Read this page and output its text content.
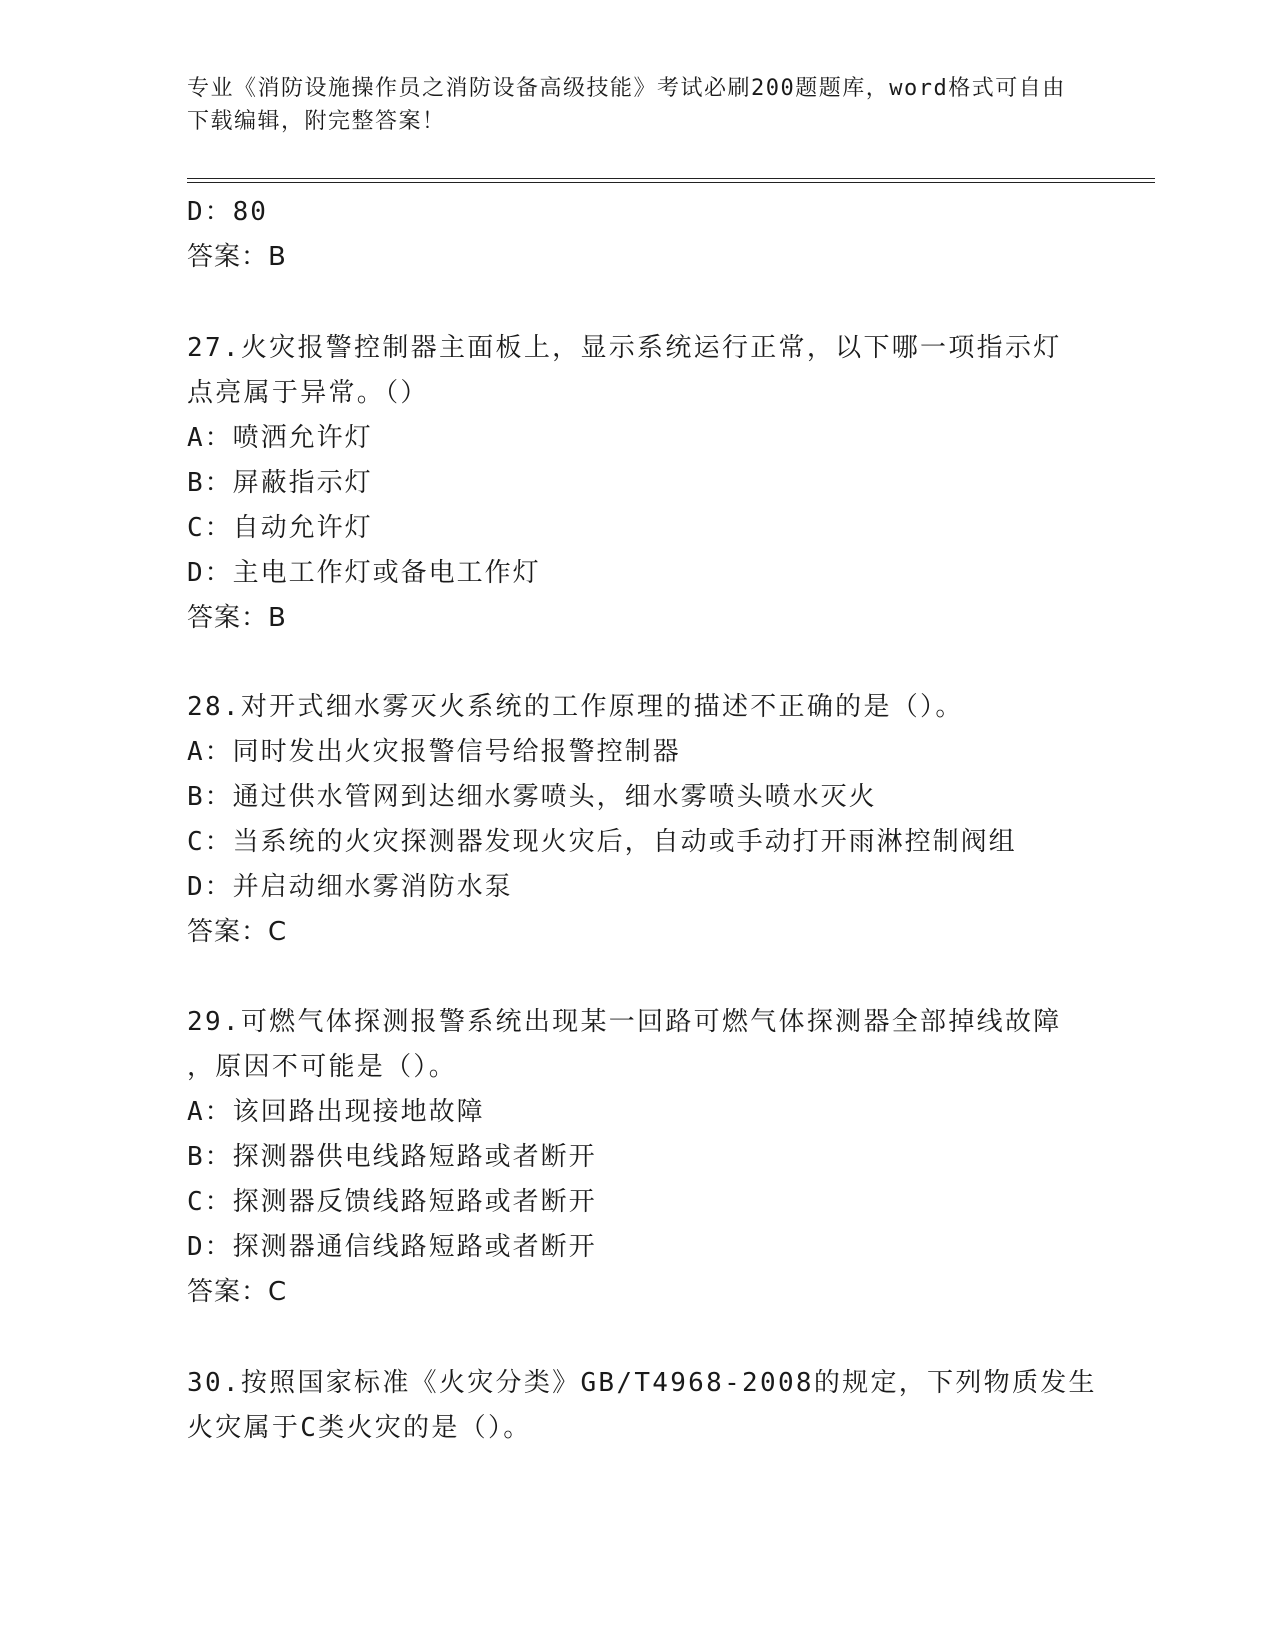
专业《消防设施操作员之消防设备高级技能》考试必刷200题题库，word格式可自由下载编辑，附完整答案！
D：80
答案：B
27.火灾报警控制器主面板上，显示系统运行正常，以下哪一项指示灯
点亮属于异常。（）
A：喷洒允许灯
B：屏蔽指示灯
C：自动允许灯
D：主电工作灯或备电工作灯
答案：B
28.对开式细水雾灭火系统的工作原理的描述不正确的是（）。
A：同时发出火灾报警信号给报警控制器
B：通过供水管网到达细水雾喷头，细水雾喷头喷水灭火
C：当系统的火灾探测器发现火灾后，自动或手动打开雨淋控制阀组
D：并启动细水雾消防水泵
答案：C
29.可燃气体探测报警系统出现某一回路可燃气体探测器全部掉线故障
，原因不可能是（）。
A：该回路出现接地故障
B：探测器供电线路短路或者断开
C：探测器反馈线路短路或者断开
D：探测器通信线路短路或者断开
答案：C
30.按照国家标准《火灾分类》GB/T4968-2008的规定，下列物质发生
火灾属于C类火灾的是（）。
